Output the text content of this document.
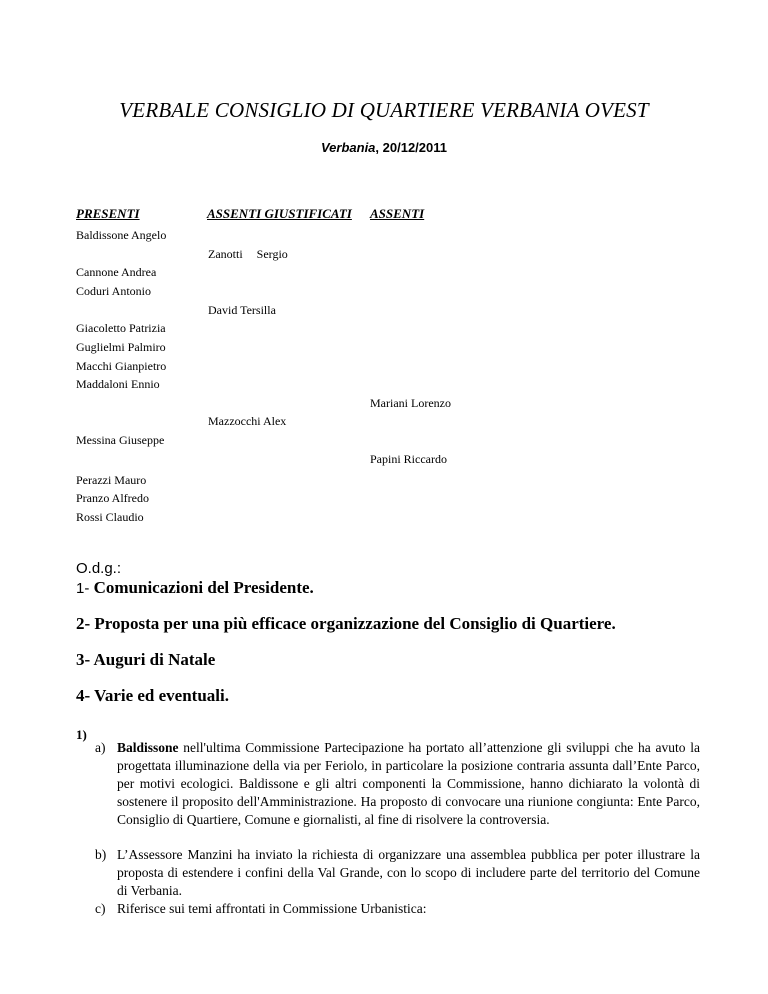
VERBALE CONSIGLIO DI QUARTIERE VERBANIA OVEST
Verbania, 20/12/2011
PRESENTI	ASSENTI GIUSTIFICATI ASSENTI
Baldissone Angelo
Zanotti Sergio
Cannone Andrea
Coduri Antonio
David Tersilla
Giacoletto Patrizia
Guglielmi Palmiro
Macchi Gianpietro
Maddaloni Ennio
Mariani Lorenzo
Mazzocchi Alex
Messina Giuseppe
Papini Riccardo
Perazzi Mauro
Pranzo Alfredo
Rossi Claudio
O.d.g.:
1- Comunicazioni del Presidente.
2- Proposta per una più efficace organizzazione del Consiglio di Quartiere.
3- Auguri di Natale
4- Varie ed eventuali.
1)
a) Baldissone nell'ultima Commissione Partecipazione ha portato all’attenzione gli sviluppi che ha avuto la progettata illuminazione della via per Feriolo, in particolare la posizione contraria assunta dall’Ente Parco, per motivi ecologici. Baldissone e gli altri componenti la Commissione, hanno dichiarato la volontà di sostenere il proposito dell'Amministrazione. Ha proposto di convocare una riunione congiunta: Ente Parco, Consiglio di Quartiere, Comune e giornalisti, al fine di risolvere la controversia.
b) L’Assessore Manzini ha inviato la richiesta di organizzare una assemblea pubblica per poter illustrare la proposta di estendere i confini della Val Grande, con lo scopo di includere parte del territorio del Comune di Verbania.
c) Riferisce sui temi affrontati in Commissione Urbanistica:
